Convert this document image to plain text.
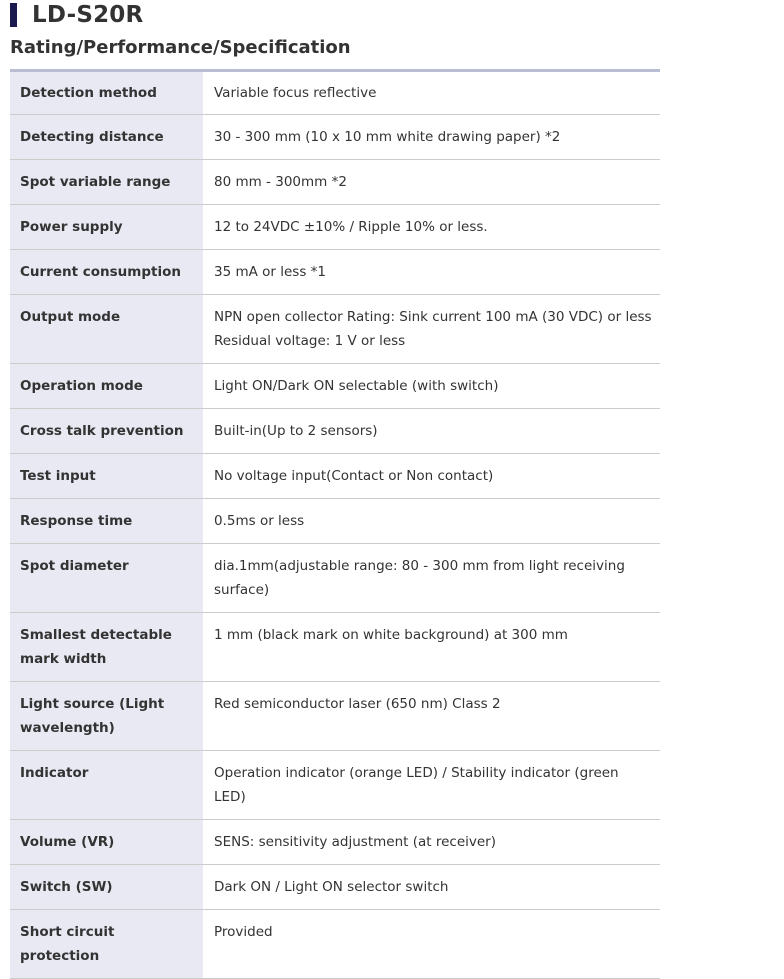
LD-S20R
Rating/Performance/Specification
Detection method	Variable focus reflective
Detecting distance	30 - 300 mm (10 x 10 mm white drawing paper) *2
Spot variable range	80 mm - 300mm *2
Power supply	12 to 24VDC ±10% / Ripple 10% or less.
Current consumption	35 mA or less *1
Output mode	NPN open collector Rating: Sink current 100 mA (30 VDC) or less
Residual voltage: 1 V or less

Operation mode	Light ON/Dark ON selectable (with switch)
Cross talk prevention	Built-in(Up to 2 sensors)
Test input	No voltage input(Contact or Non contact)
Response time	0.5ms or less
Spot diameter	dia.1mm(adjustable range: 80 - 300 mm from light receiving surface)
Smallest detectable mark width	1 mm (black mark on white background) at 300 mm
Light source (Light wavelength)	Red semiconductor laser (650 nm) Class 2
Indicator	Operation indicator (orange LED) / Stability indicator (green LED)
Volume (VR)	SENS: sensitivity adjustment (at receiver)
Switch (SW)	Dark ON / Light ON selector switch
Short circuit protection	Provided
